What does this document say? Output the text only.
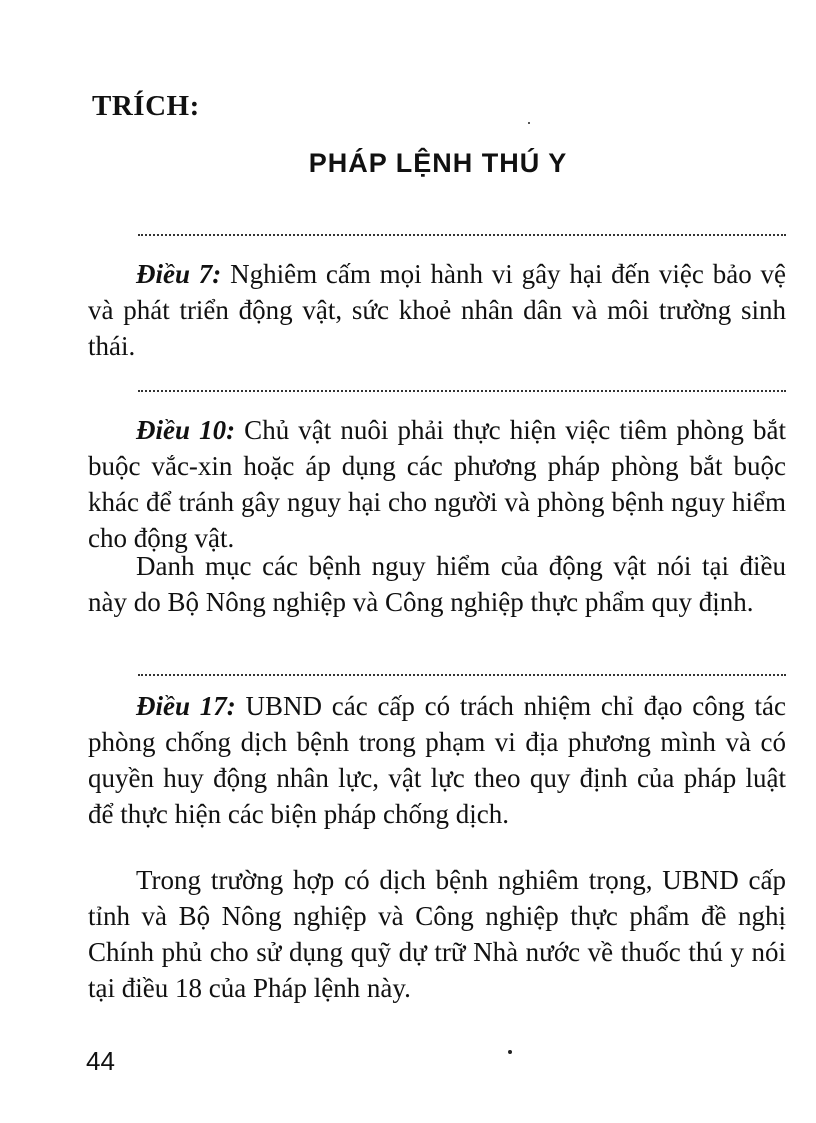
TRÍCH:
PHÁP LỆNH THÚ Y

Điều 7: Nghiêm cấm mọi hành vi gây hại đến việc bảo vệ và phát triển động vật, sức khoẻ nhân dân và môi trường sinh thái.

Điều 10: Chủ vật nuôi phải thực hiện việc tiêm phòng bắt buộc vắc-xin hoặc áp dụng các phương pháp phòng bắt buộc khác để tránh gây nguy hại cho người và phòng bệnh nguy hiểm cho động vật.

Danh mục các bệnh nguy hiểm của động vật nói tại điều này do Bộ Nông nghiệp và Công nghiệp thực phẩm quy định.

Điều 17: UBND các cấp có trách nhiệm chỉ đạo công tác phòng chống dịch bệnh trong phạm vi địa phương mình và có quyền huy động nhân lực, vật lực theo quy định của pháp luật để thực hiện các biện pháp chống dịch.

Trong trường hợp có dịch bệnh nghiêm trọng, UBND cấp tỉnh và Bộ Nông nghiệp và Công nghiệp thực phẩm đề nghị Chính phủ cho sử dụng quỹ dự trữ Nhà nước về thuốc thú y nói tại điều 18 của Pháp lệnh này.

44
